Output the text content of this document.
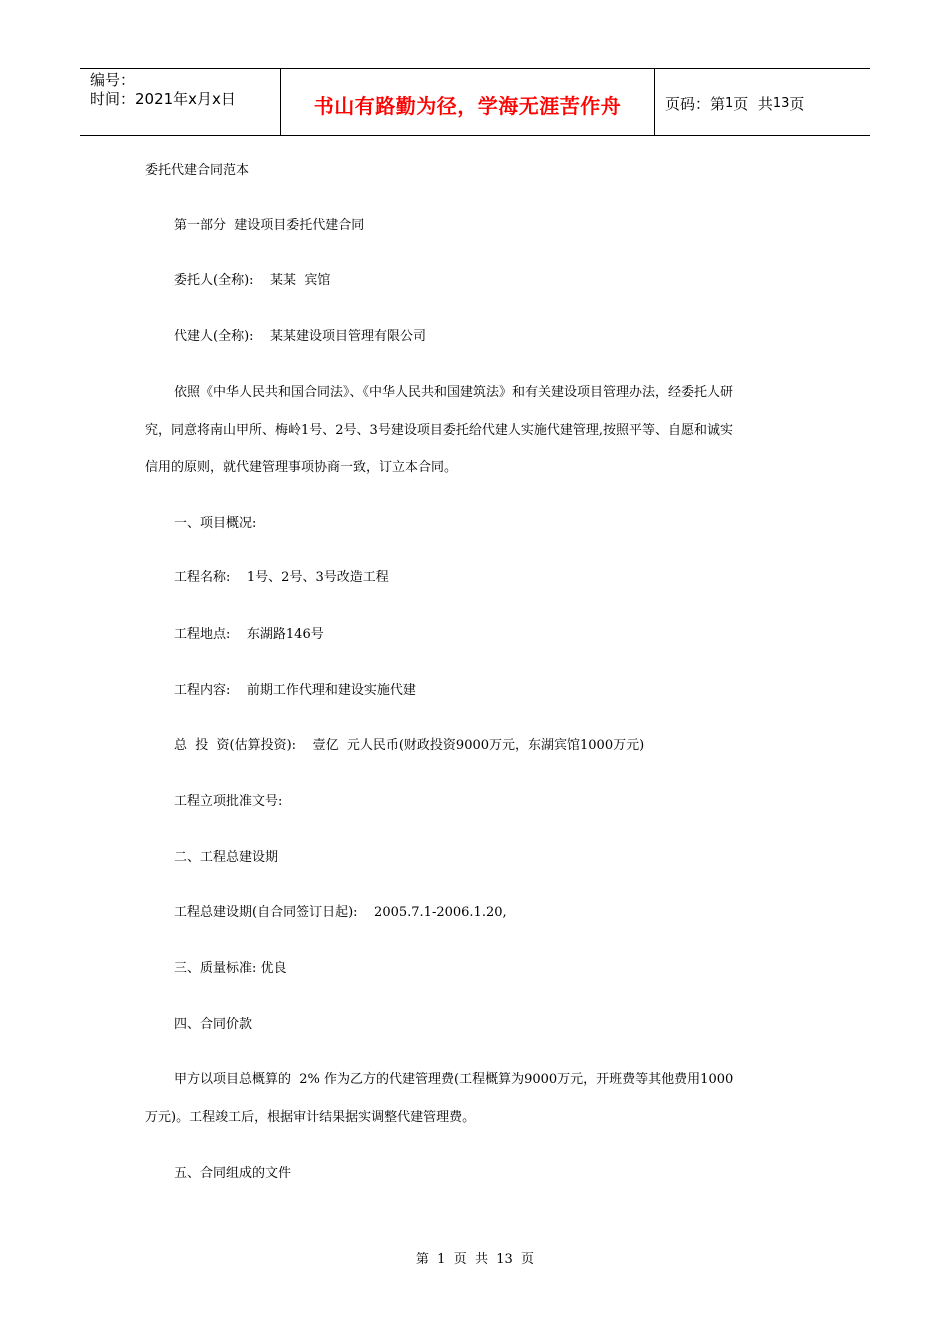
编号：
时间：2021年x月x日	书山有路勤为径，学海无涯苦作舟	页码：第 1 页  共 13 页
委托代建合同范本
第一部分  建设项目委托代建合同
委托人(全称):    某某  宾馆
代建人(全称):    某某建设项目管理有限公司
依照《中华人民共和国合同法》、《中华人民共和国建筑法》和有关建设项目管理办法，经委托人研
究，同意将南山甲所、梅岭1号、2号、3号建设项目委托给代建人实施代建管理,按照平等、自愿和诚实
信用的原则，就代建管理事项协商一致，订立本合同。
一、项目概况:
工程名称:    1号、2号、3号改造工程
工程地点:    东湖路146号
工程内容:    前期工作代理和建设实施代建
总  投  资(估算投资):    壹亿  元人民币(财政投资9000万元，东湖宾馆1000万元)
工程立项批准文号:
二、工程总建设期
工程总建设期(自合同签订日起):    2005.7.1-2006.1.20,
三、质量标准: 优良
四、合同价款
甲方以项目总概算的  2% 作为乙方的代建管理费(工程概算为9000万元，开班费等其他费用1000
万元)。工程竣工后，根据审计结果据实调整代建管理费。
五、合同组成的文件
第  1  页  共  13  页
